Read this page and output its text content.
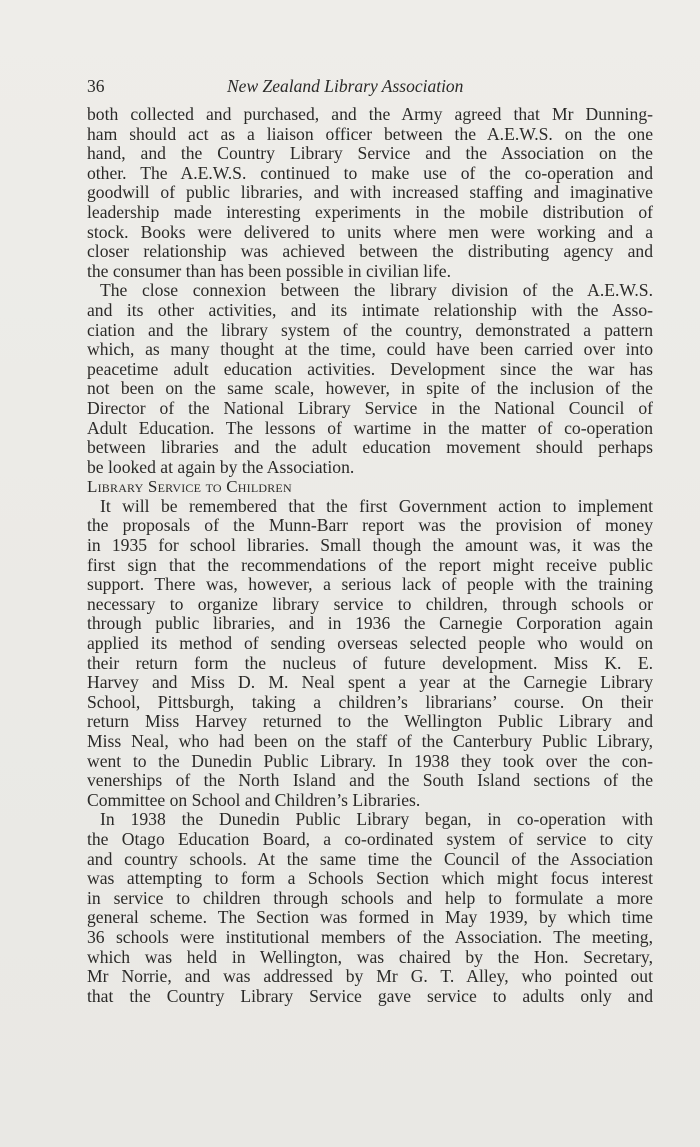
36	New Zealand Library Association
both collected and purchased, and the Army agreed that Mr Dunning-
ham should act as a liaison officer between the A.E.W.S. on the one
hand, and the Country Library Service and the Association on the
other. The A.E.W.S. continued to make use of the co-operation and
goodwill of public libraries, and with increased staffing and imaginative
leadership made interesting experiments in the mobile distribution of
stock. Books were delivered to units where men were working and a
closer relationship was achieved between the distributing agency and
the consumer than has been possible in civilian life.
The close connexion between the library division of the A.E.W.S.
and its other activities, and its intimate relationship with the Asso-
ciation and the library system of the country, demonstrated a pattern
which, as many thought at the time, could have been carried over into
peacetime adult education activities. Development since the war has
not been on the same scale, however, in spite of the inclusion of the
Director of the National Library Service in the National Council of
Adult Education. The lessons of wartime in the matter of co-operation
between libraries and the adult education movement should perhaps
be looked at again by the Association.
Library Service to Children
It will be remembered that the first Government action to implement
the proposals of the Munn-Barr report was the provision of money
in 1935 for school libraries. Small though the amount was, it was the
first sign that the recommendations of the report might receive public
support. There was, however, a serious lack of people with the training
necessary to organize library service to children, through schools or
through public libraries, and in 1936 the Carnegie Corporation again
applied its method of sending overseas selected people who would on
their return form the nucleus of future development. Miss K. E.
Harvey and Miss D. M. Neal spent a year at the Carnegie Library
School, Pittsburgh, taking a children’s librarians’ course. On their
return Miss Harvey returned to the Wellington Public Library and
Miss Neal, who had been on the staff of the Canterbury Public Library,
went to the Dunedin Public Library. In 1938 they took over the con-
venerships of the North Island and the South Island sections of the
Committee on School and Children’s Libraries.
In 1938 the Dunedin Public Library began, in co-operation with
the Otago Education Board, a co-ordinated system of service to city
and country schools. At the same time the Council of the Association
was attempting to form a Schools Section which might focus interest
in service to children through schools and help to formulate a more
general scheme. The Section was formed in May 1939, by which time
36 schools were institutional members of the Association. The meeting,
which was held in Wellington, was chaired by the Hon. Secretary,
Mr Norrie, and was addressed by Mr G. T. Alley, who pointed out
that the Country Library Service gave service to adults only and
